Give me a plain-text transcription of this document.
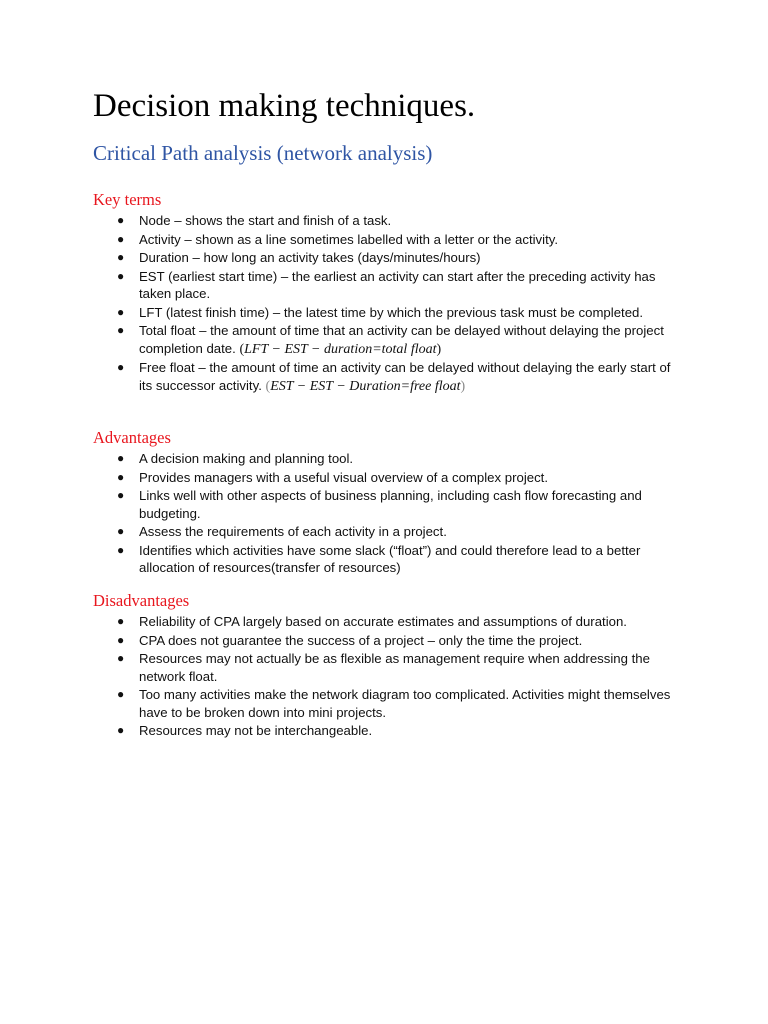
Decision making techniques.
Critical Path analysis (network analysis)
Key terms
● Node – shows the start and finish of a task.
● Activity – shown as a line sometimes labelled with a letter or the activity.
● Duration – how long an activity takes (days/minutes/hours)
● EST (earliest start time) – the earliest an activity can start after the preceding activity has taken place.
● LFT (latest finish time) – the latest time by which the previous task must be completed.
● Total float – the amount of time that an activity can be delayed without delaying the project completion date. (LFT − EST − duration=total float)
● Free float – the amount of time an activity can be delayed without delaying the early start of its successor activity. (EST − EST − Duration=free float)
Advantages
● A decision making and planning tool.
● Provides managers with a useful visual overview of a complex project.
● Links well with other aspects of business planning, including cash flow forecasting and budgeting.
● Assess the requirements of each activity in a project.
● Identifies which activities have some slack (“float”) and could therefore lead to a better allocation of resources(transfer of resources)
Disadvantages
● Reliability of CPA largely based on accurate estimates and assumptions of duration.
● CPA does not guarantee the success of a project – only the time the project.
● Resources may not actually be as flexible as management require when addressing the network float.
● Too many activities make the network diagram too complicated. Activities might themselves have to be broken down into mini projects.
● Resources may not be interchangeable.
